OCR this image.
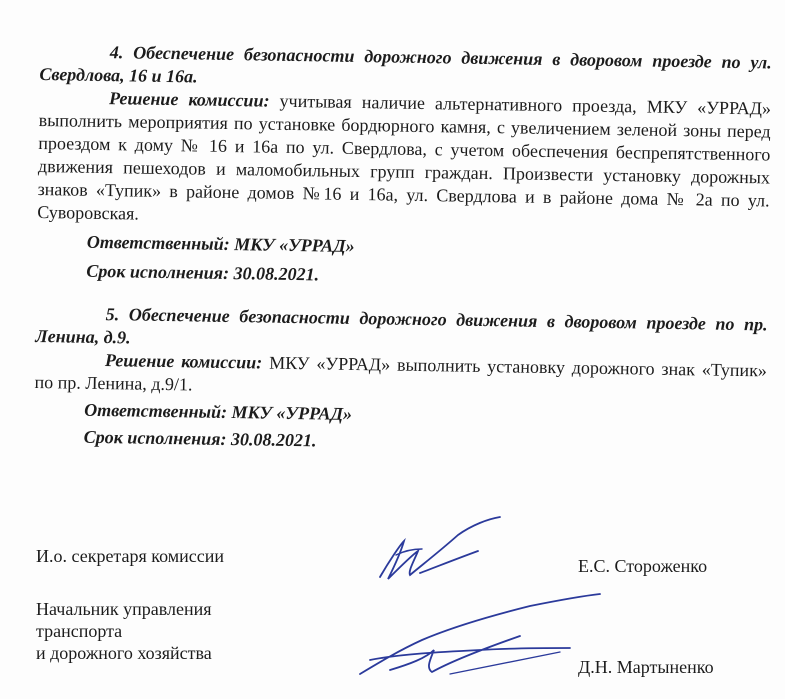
4. Обеспечение безопасности дорожного движения в дворовом проезде по ул. Свердлова, 16 и 16а.

Решение комиссии: учитывая наличие альтернативного проезда, МКУ «УРРАД» выполнить мероприятия по установке бордюрного камня, с увеличением зеленой зоны перед проездом к дому № 16 и 16а по ул. Свердлова, с учетом обеспечения беспрепятственного движения пешеходов и маломобильных групп граждан. Произвести установку дорожных знаков «Тупик» в районе домов №16 и 16а, ул. Свердлова и в районе дома № 2а по ул. Суворовская.

Ответственный: МКУ «УРРАД»

Срок исполнения: 30.08.2021.

5. Обеспечение безопасности дорожного движения в дворовом проезде по пр. Ленина, д.9.

Решение комиссии: МКУ «УРРАД» выполнить установку дорожного знак «Тупик» по пр. Ленина, д.9/1.

Ответственный: МКУ «УРРАД»

Срок исполнения: 30.08.2021.

И.о. секретаря комиссии	Е.С. Стороженко
Начальник управления
транспорта
и дорожного хозяйства
Д.Н. Мартыненко
